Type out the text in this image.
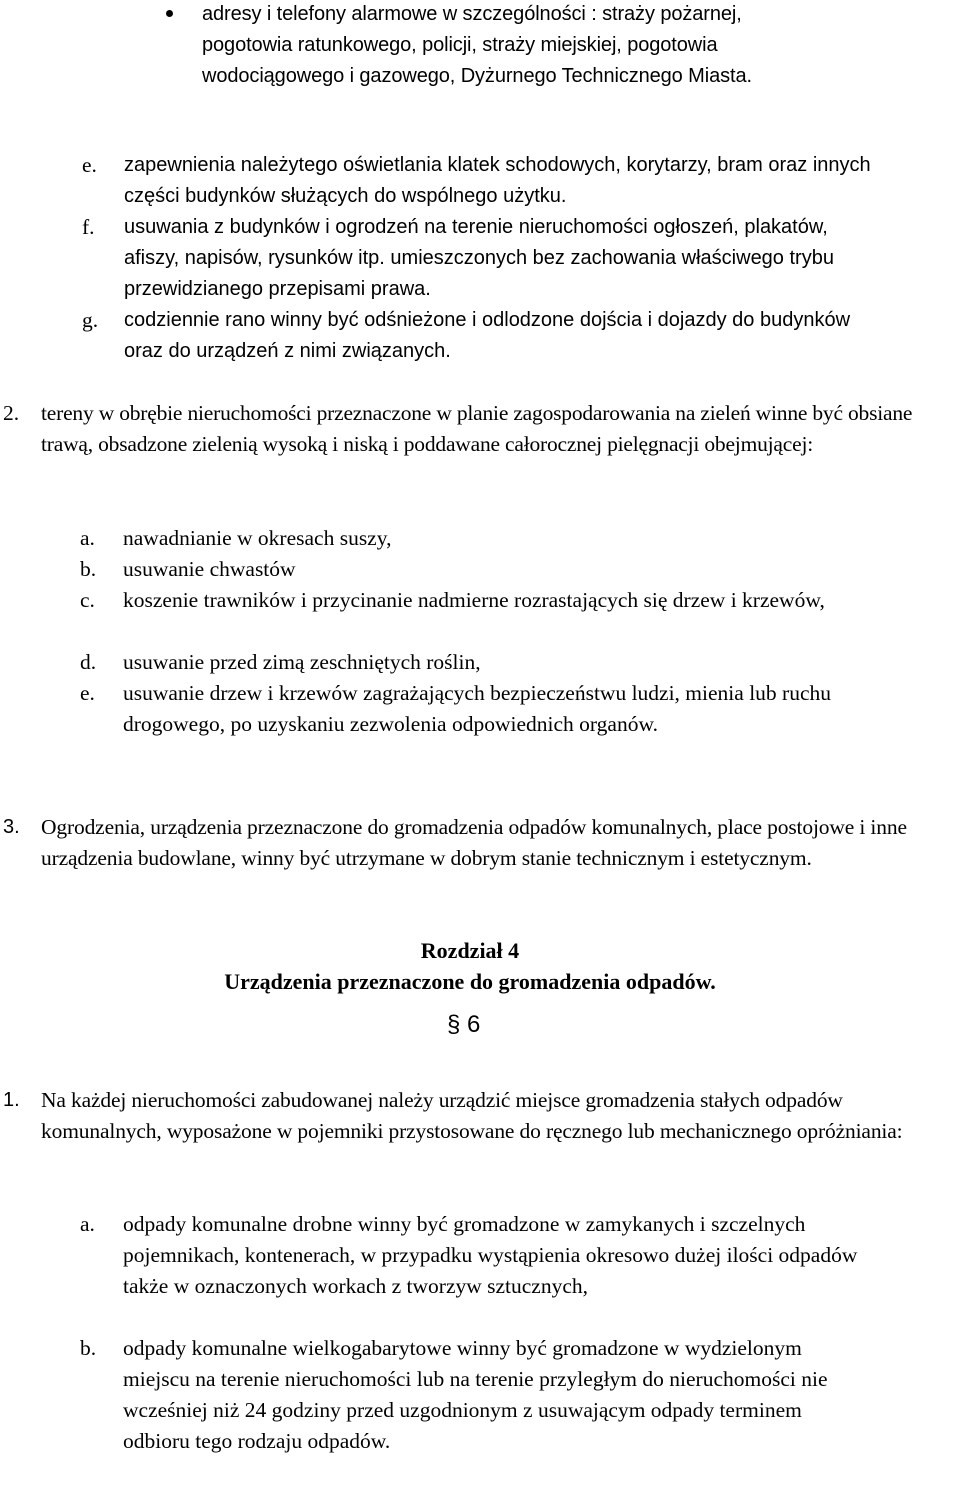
adresy i telefony alarmowe w szczególności : straży pożarnej, pogotowia ratunkowego, policji, straży miejskiej, pogotowia wodociągowego i gazowego, Dyżurnego Technicznego Miasta.
e. zapewnienia należytego oświetlania klatek schodowych, korytarzy, bram oraz innych części budynków służących do wspólnego użytku.
f. usuwania z budynków i ogrodzeń na terenie nieruchomości ogłoszeń, plakatów, afiszy, napisów, rysunków itp. umieszczonych bez zachowania właściwego trybu przewidzianego przepisami prawa.
g. codziennie rano winny być odśnieżone i odlodzone dojścia i dojazdy do budynków oraz do urządzeń z nimi związanych.
2. tereny w obrębie nieruchomości przeznaczone w planie zagospodarowania na zieleń winne być obsiane trawą, obsadzone zielenią wysoką i niską i poddawane całorocznej pielęgnacji obejmującej:
a. nawadnianie w okresach suszy,
b. usuwanie chwastów
c. koszenie trawników i przycinanie nadmierne rozrastających się drzew i krzewów,
d. usuwanie przed zimą zeschniętych roślin,
e. usuwanie drzew i krzewów zagrażających bezpieczeństwu ludzi, mienia lub ruchu drogowego, po uzyskaniu zezwolenia odpowiednich organów.
3. Ogrodzenia, urządzenia przeznaczone do gromadzenia odpadów komunalnych, place postojowe i inne urządzenia budowlane, winny być utrzymane w dobrym stanie technicznym i estetycznym.
Rozdział 4
Urządzenia przeznaczone do gromadzenia odpadów.
§ 6
1. Na każdej nieruchomości zabudowanej należy urządzić miejsce gromadzenia stałych odpadów komunalnych, wyposażone w pojemniki przystosowane do ręcznego lub mechanicznego opróżniania:
a. odpady komunalne drobne winny być gromadzone w zamykanych i szczelnych pojemnikach, kontenerach, w przypadku wystąpienia okresowo dużej ilości odpadów także w oznaczonych workach z tworzyw sztucznych,
b. odpady komunalne wielkogabarytowe winny być gromadzone w wydzielonym miejscu na terenie nieruchomości lub na terenie przyległym do nieruchomości nie wcześniej niż 24 godziny przed uzgodnionym z usuwającym odpady terminem odbioru tego rodzaju odpadów.
